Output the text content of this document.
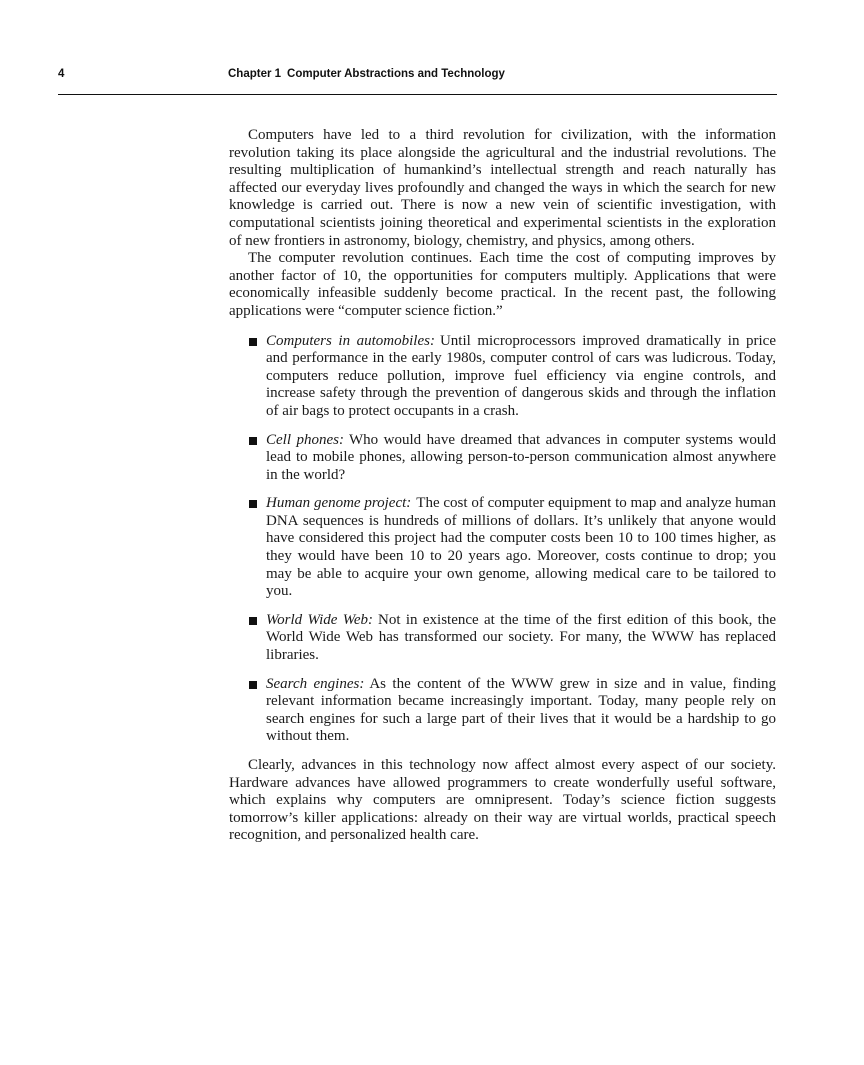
4	Chapter 1 Computer Abstractions and Technology

Computers have led to a third revolution for civilization, with the information revolution taking its place alongside the agricultural and the industrial revolutions. The resulting multiplication of humankind’s intellectual strength and reach naturally has affected our everyday lives profoundly and changed the ways in which the search for new knowledge is carried out. There is now a new vein of scientific investigation, with computational scientists joining theoretical and experimental scientists in the exploration of new frontiers in astronomy, biology, chemistry, and physics, among others.

The computer revolution continues. Each time the cost of computing improves by another factor of 10, the opportunities for computers multiply. Applications that were economically infeasible suddenly become practical. In the recent past, the following applications were “computer science fiction.”

Computers in automobiles: Until microprocessors improved dramatically in price and performance in the early 1980s, computer control of cars was ludicrous. Today, computers reduce pollution, improve fuel efficiency via engine controls, and increase safety through the prevention of dangerous skids and through the inflation of air bags to protect occupants in a crash.
Cell phones: Who would have dreamed that advances in computer systems would lead to mobile phones, allowing person-to-person communication almost anywhere in the world?
Human genome project: The cost of computer equipment to map and analyze human DNA sequences is hundreds of millions of dollars. It’s unlikely that anyone would have considered this project had the computer costs been 10 to 100 times higher, as they would have been 10 to 20 years ago. Moreover, costs continue to drop; you may be able to acquire your own genome, allowing medical care to be tailored to you.
World Wide Web: Not in existence at the time of the first edition of this book, the World Wide Web has transformed our society. For many, the WWW has replaced libraries.
Search engines: As the content of the WWW grew in size and in value, finding relevant information became increasingly important. Today, many people rely on search engines for such a large part of their lives that it would be a hardship to go without them.

Clearly, advances in this technology now affect almost every aspect of our society. Hardware advances have allowed programmers to create wonderfully useful software, which explains why computers are omnipresent. Today’s science fiction suggests tomorrow’s killer applications: already on their way are virtual worlds, practical speech recognition, and personalized health care.
